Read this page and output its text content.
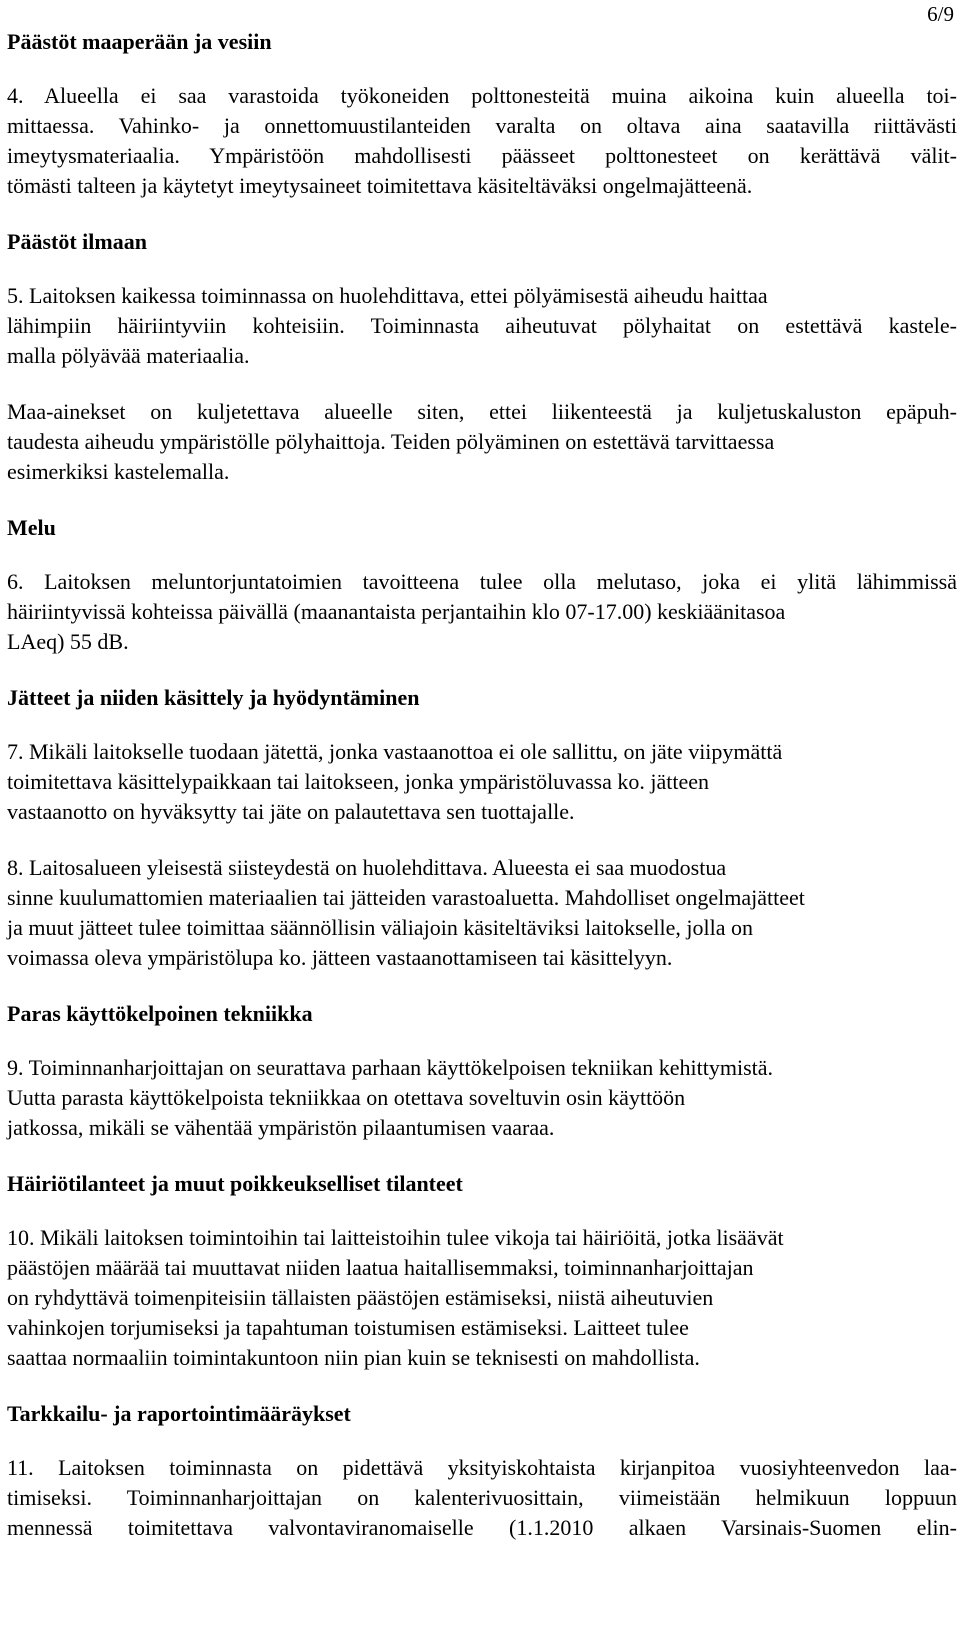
6/9
Päästöt maaperään ja vesiin
4. Alueella ei saa varastoida työkoneiden polttonesteitä muina aikoina kuin alueella toi-
mittaessa. Vahinko- ja onnettomuustilanteiden varalta on oltava aina saatavilla riittävästi
imeytysmateriaalia. Ympäristöön mahdollisesti päässeet polttonesteet on kerättävä välit-
tömästi talteen ja käytetyt imeytysaineet toimitettava käsiteltäväksi ongelmajätteenä.
Päästöt ilmaan
5. Laitoksen kaikessa toiminnassa on huolehdittava, ettei pölyämisestä aiheudu haittaa
lähimpiin häiriintyviin kohteisiin. Toiminnasta aiheutuvat pölyhaitat on estettävä kastele-
malla pölyävää materiaalia.
Maa-ainekset on kuljetettava alueelle siten, ettei liikenteestä ja kuljetuskaluston epäpuh-
taudesta aiheudu ympäristölle pölyhaittoja. Teiden pölyäminen on estettävä tarvittaessa
esimerkiksi kastelemalla.
Melu
6. Laitoksen meluntorjuntatoimien tavoitteena tulee olla melutaso, joka ei ylitä lähimmissä
häiriintyvissä kohteissa päivällä (maanantaista perjantaihin klo 07-17.00) keskiäänitasoa
LAeq) 55 dB.
Jätteet ja niiden käsittely ja hyödyntäminen
7. Mikäli laitokselle tuodaan jätettä, jonka vastaanottoa ei ole sallittu, on jäte viipymättä
toimitettava käsittelypaikkaan tai laitokseen, jonka ympäristöluvassa ko. jätteen
vastaanotto on hyväksytty tai jäte on palautettava sen tuottajalle.
8. Laitosalueen yleisestä siisteydestä on huolehdittava. Alueesta ei saa muodostua
sinne kuulumattomien materiaalien tai jätteiden varastoaluetta. Mahdolliset ongelmajätteet
ja muut jätteet tulee toimittaa säännöllisin väliajoin käsiteltäviksi laitokselle, jolla on
voimassa oleva ympäristölupa ko. jätteen vastaanottamiseen tai käsittelyyn.
Paras käyttökelpoinen tekniikka
9. Toiminnanharjoittajan on seurattava parhaan käyttökelpoisen tekniikan kehittymistä.
Uutta parasta käyttökelpoista tekniikkaa on otettava soveltuvin osin käyttöön
jatkossa, mikäli se vähentää ympäristön pilaantumisen vaaraa.
Häiriötilanteet ja muut poikkeukselliset tilanteet
10. Mikäli laitoksen toimintoihin tai laitteistoihin tulee vikoja tai häiriöitä, jotka lisäävät
päästöjen määrää tai muuttavat niiden laatua haitallisemmaksi, toiminnanharjoittajan
on ryhdyttävä toimenpiteisiin tällaisten päästöjen estämiseksi, niistä aiheutuvien
vahinkojen torjumiseksi ja tapahtuman toistumisen estämiseksi. Laitteet tulee
saattaa normaaliin toimintakuntoon niin pian kuin se teknisesti on mahdollista.
Tarkkailu- ja raportointimääräykset
11. Laitoksen toiminnasta on pidettävä yksityiskohtaista kirjanpitoa vuosiyhteenvedon laa-
timiseksi. Toiminnanharjoittajan on kalenterivuosittain, viimeistään helmikuun loppuun
mennessä toimitettava valvontaviranomaiselle (1.1.2010 alkaen Varsinais-Suomen elin-
